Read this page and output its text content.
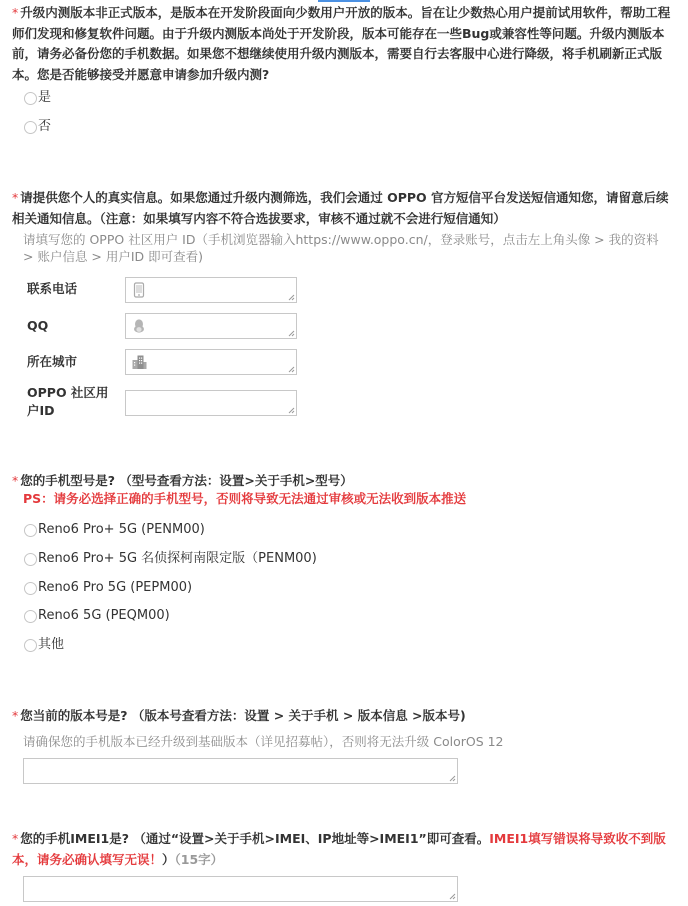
* 升级内测版本非正式版本，是版本在开发阶段面向少数用户开放的版本。旨在让少数热心用户提前试用软件，帮助工程师们发现和修复软件问题。由于升级内测版本尚处于开发阶段，版本可能存在一些Bug或兼容性等问题。升级内测版本前，请务必备份您的手机数据。如果您不想继续使用升级内测版本，需要自行去客服中心进行降级，将手机刷新正式版本。您是否能够接受并愿意申请参加升级内测?
是
否
* 请提供您个人的真实信息。如果您通过升级内测筛选，我们会通过 OPPO 官方短信平台发送短信通知您，请留意后续相关通知信息。（注意：如果填写内容不符合选拔要求，审核不通过就不会进行短信通知）
请填写您的 OPPO 社区用户 ID（手机浏览器输入https://www.oppo.cn/，登录账号，点击左上角头像 > 我的资料 > 账户信息 > 用户ID 即可查看)
联系电话
QQ
所在城市
OPPO 社区用户ID
* 您的手机型号是? （型号查看方法：设置>关于手机>型号）
PS：请务必选择正确的手机型号，否则将导致无法通过审核或无法收到版本推送
Reno6 Pro+ 5G (PENM00)
Reno6 Pro+ 5G 名侦探柯南限定版（PENM00)
Reno6 Pro 5G (PEPM00)
Reno6 5G (PEQM00)
其他
* 您当前的版本号是? （版本号查看方法：设置 > 关于手机 > 版本信息 >版本号)
请确保您的手机版本已经升级到基础版本（详见招募帖），否则将无法升级 ColorOS 12
* 您的手机IMEI1是? （通过“设置>关于手机>IMEI、IP地址等>IMEI1”即可查看。IMEI1填写错误将导致收不到版本，请务必确认填写无误！）（15字）
